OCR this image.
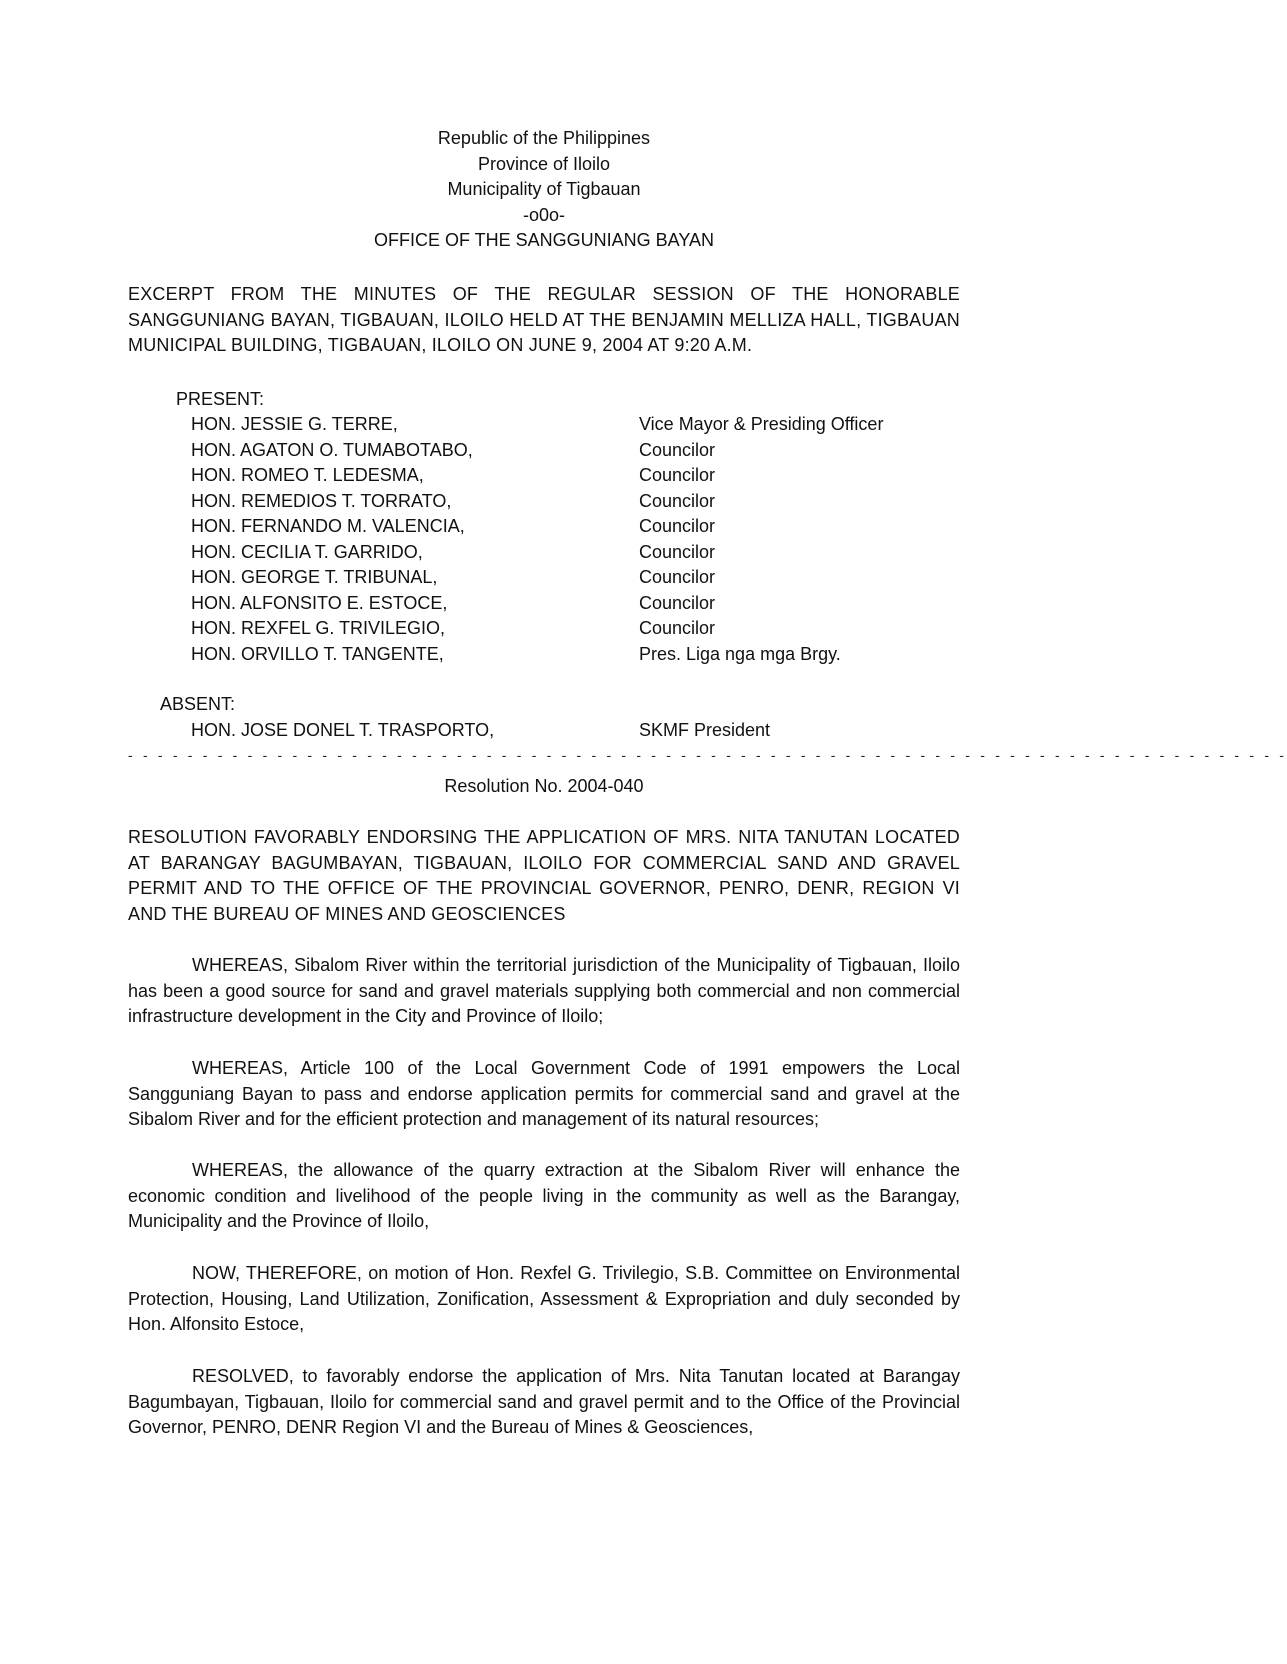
Republic of the Philippines
Province of Iloilo
Municipality of Tigbauan
-o0o-
OFFICE OF THE SANGGUNIANG BAYAN
EXCERPT FROM THE MINUTES OF THE REGULAR SESSION OF THE HONORABLE SANGGUNIANG BAYAN, TIGBAUAN, ILOILO HELD AT THE BENJAMIN MELLIZA HALL, TIGBAUAN MUNICIPAL BUILDING, TIGBAUAN, ILOILO ON JUNE 9, 2004 AT 9:20 A.M.
PRESENT:
HON. JESSIE G. TERRE,	Vice Mayor & Presiding Officer
HON. AGATON O. TUMABOTABO,	Councilor
HON. ROMEO T. LEDESMA,	Councilor
HON. REMEDIOS T. TORRATO,	Councilor
HON. FERNANDO M. VALENCIA,	Councilor
HON. CECILIA T. GARRIDO,	Councilor
HON. GEORGE T. TRIBUNAL,	Councilor
HON. ALFONSITO E. ESTOCE,	Councilor
HON. REXFEL G. TRIVILEGIO,	Councilor
HON. ORVILLO T. TANGENTE,	Pres. Liga nga mga Brgy.
ABSENT:
HON. JOSE DONEL T. TRASPORTO,	SKMF President
- - - - - - - - - - - - - - - - - - - - - - - - - - - - - - - - - - - - - - - - - - - - - - - - - - - - - - - - - - - - - - - - - - - - - - - - - - - - - -
Resolution No. 2004-040
RESOLUTION FAVORABLY ENDORSING THE APPLICATION OF MRS. NITA TANUTAN LOCATED AT BARANGAY BAGUMBAYAN, TIGBAUAN, ILOILO FOR COMMERCIAL SAND AND GRAVEL PERMIT AND TO THE OFFICE OF THE PROVINCIAL GOVERNOR, PENRO, DENR, REGION VI AND THE BUREAU OF MINES AND GEOSCIENCES
WHEREAS, Sibalom River within the territorial jurisdiction of the Municipality of Tigbauan, Iloilo has been a good source for sand and gravel materials supplying both commercial and non commercial infrastructure development in the City and Province of Iloilo;
WHEREAS, Article 100 of the Local Government Code of 1991 empowers the Local Sangguniang Bayan to pass and endorse application permits for commercial sand and gravel at the Sibalom River and for the efficient protection and management of its natural resources;
WHEREAS, the allowance of the quarry extraction at the Sibalom River will enhance the economic condition and livelihood of the people living in the community as well as the Barangay, Municipality and the Province of Iloilo,
NOW, THEREFORE, on motion of Hon. Rexfel G. Trivilegio, S.B. Committee on Environmental Protection, Housing, Land Utilization, Zonification, Assessment & Expropriation and duly seconded by Hon. Alfonsito Estoce,
RESOLVED, to favorably endorse the application of Mrs. Nita Tanutan located at Barangay Bagumbayan, Tigbauan, Iloilo for commercial sand and gravel permit and to the Office of the Provincial Governor, PENRO, DENR Region VI and the Bureau of Mines & Geosciences,
